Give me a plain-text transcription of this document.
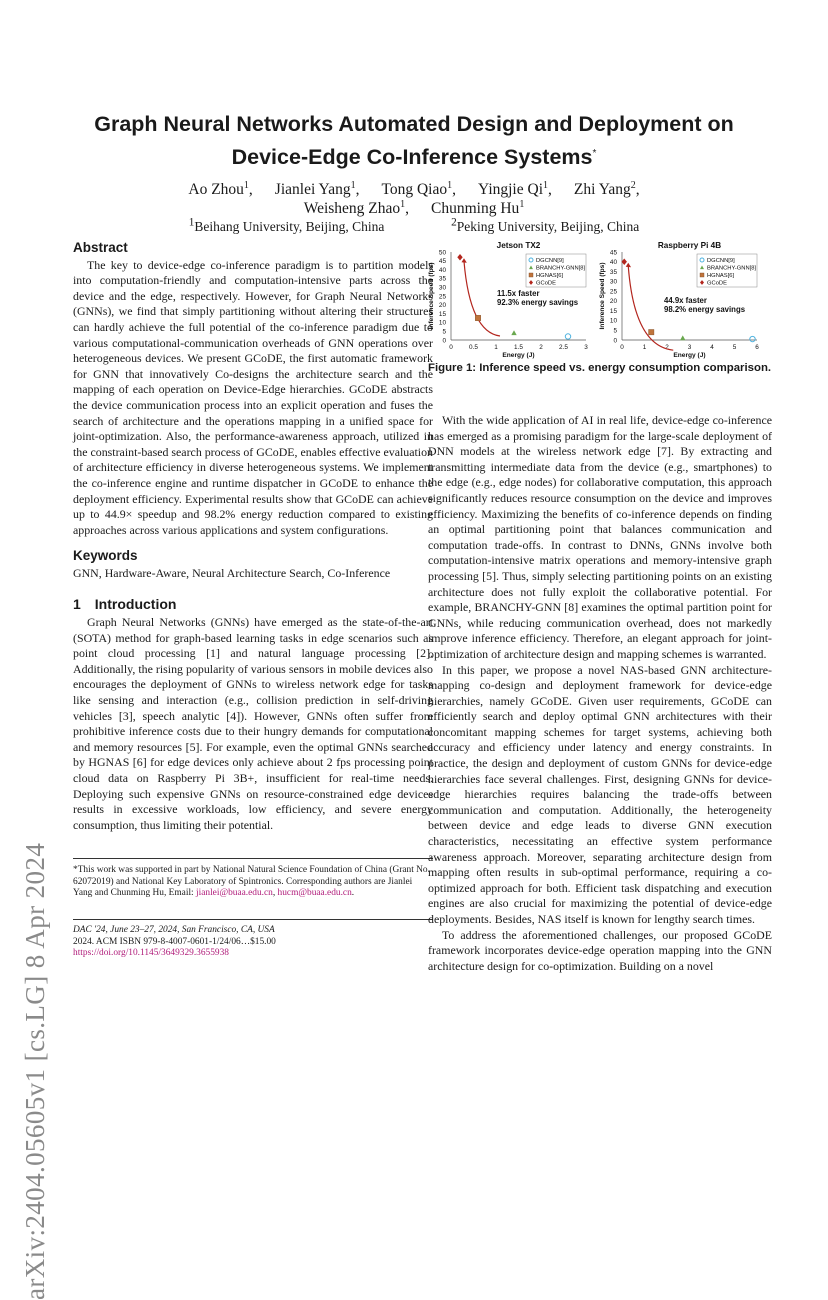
arXiv:2404.05605v1 [cs.LG] 8 Apr 2024
Graph Neural Networks Automated Design and Deployment on Device-Edge Co-Inference Systems*
Ao Zhou$^1$, Jianlei Yang$^1$, Tong Qiao$^1$, Yingjie Qi$^1$, Zhi Yang$^2$,
Weisheng Zhao$^1$, Chunming Hu$^1$
$^1$Beihang University, Beijing, China	$^2$Peking University, Beijing, China
Abstract

The key to device-edge co-inference paradigm is to partition models into computation-friendly and computation-intensive parts across the device and the edge, respectively. However, for Graph Neural Networks (GNNs), we find that simply partitioning without altering their structures can hardly achieve the full potential of the co-inference paradigm due to various computational-communication overheads of GNN operations over heterogeneous devices. We present GCoDE, the first automatic framework for GNN that innovatively Co-designs the architecture search and the mapping of each operation on Device-Edge hierarchies. GCoDE abstracts the device communication process into an explicit operation and fuses the search of architecture and the operations mapping in a unified space for joint-optimization. Also, the performance-awareness approach, utilized in the constraint-based search process of GCoDE, enables effective evaluation of architecture efficiency in diverse heterogeneous systems. We implement the co-inference engine and runtime dispatcher in GCoDE to enhance the deployment efficiency. Experimental results show that GCoDE can achieve up to 44.9× speedup and 98.2% energy reduction compared to existing approaches across various applications and system configurations.

Keywords

GNN, Hardware-Aware, Neural Architecture Search, Co-Inference

1 Introduction

Graph Neural Networks (GNNs) have emerged as the state-of-the-art (SOTA) method for graph-based learning tasks in edge scenarios such as point cloud processing [1] and natural language processing [2]. Additionally, the rising popularity of various sensors in mobile devices also encourages the deployment of GNNs to wireless network edge for tasks like sensing and interaction (e.g., collision prediction in self-driving vehicles [3], speech analytic [4]). However, GNNs often suffer from prohibitive inference costs due to their hungry demands for computational and memory resources [5]. For example, even the optimal GNNs searched by HGNAS [6] for edge devices only achieve about 2 fps processing point cloud data on Raspberry Pi 3B+, insufficient for real-time needs. Deploying such expensive GNNs on resource-constrained edge devices results in excessive workloads, low efficiency, and severe energy consumption, thus limiting their potential.

*This work was supported in part by National Natural Science Foundation of China (Grant No. 62072019) and National Key Laboratory of Spintronics. Corresponding authors are Jianlei Yang and Chunming Hu, Email: jianlei@buaa.edu.cn, hucm@buaa.edu.cn.
DAC '24, June 23–27, 2024, San Francisco, CA, USA
2024. ACM ISBN 979-8-4007-0601-1/24/06…$15.00
https://doi.org/10.1145/3649329.3655938
Jetson TX2
0
5
10
15
20
25
30
35
40
45
50
0	0.5	1	1.5	2	2.5	3
Energy (J)
Inference Speed (fps)	11.5x faster
92.3% energy savings
DGCNN[9]
BRANCHY-GNN[8]
HGNAS[6]
GCoDE
Raspberry Pi 4B
0
5
10
15
20
25
30
35
40
45
0	1	2	3	4	5	6
Energy (J)
Inference Speed (fps)	44.9x faster
98.2% energy savings
DGCNN[9]
BRANCHY-GNN[8]
HGNAS[6]
GCoDE
Figure 1: Inference speed vs. energy consumption comparison.

With the wide application of AI in real life, device-edge co-inference has emerged as a promising paradigm for the large-scale deployment of DNN models at the wireless network edge [7]. By extracting and transmitting intermediate data from the device (e.g., smartphones) to the edge (e.g., edge nodes) for collaborative computation, this approach significantly reduces resource consumption on the device and improves efficiency. Maximizing the benefits of co-inference depends on finding an optimal partitioning point that balances communication and computation trade-offs. In contrast to DNNs, GNNs involve both computation-intensive matrix operations and memory-intensive graph processing [5]. Thus, simply selecting partitioning points on an existing architecture does not fully exploit the collaborative potential. For example, BRANCHY-GNN [8] examines the optimal partition point for GNNs, while reducing communication overhead, does not markedly improve inference efficiency. Therefore, an elegant approach for joint-optimization of architecture design and mapping schemes is warranted.

In this paper, we propose a novel NAS-based GNN architecture-mapping co-design and deployment framework for device-edge hierarchies, namely GCoDE. Given user requirements, GCoDE can efficiently search and deploy optimal GNN architectures with their concomitant mapping schemes for target systems, achieving both accuracy and efficiency under latency and energy constraints. In practice, the design and deployment of custom GNNs for device-edge hierarchies face several challenges. First, designing GNNs for device-edge hierarchies requires balancing the trade-offs between communication and computation. Additionally, the heterogeneity between device and edge leads to diverse GNN execution characteristics, necessitating an effective system performance awareness approach. Moreover, separating architecture design from mapping often results in sub-optimal performance, requiring a co-optimized approach for both. Efficient task dispatching and execution engines are also crucial for maximizing the potential of device-edge deployments. Besides, NAS itself is known for lengthy search times.

To address the aforementioned challenges, our proposed GCoDE framework incorporates device-edge operation mapping into the GNN architecture design for co-optimization. Building on a novel
